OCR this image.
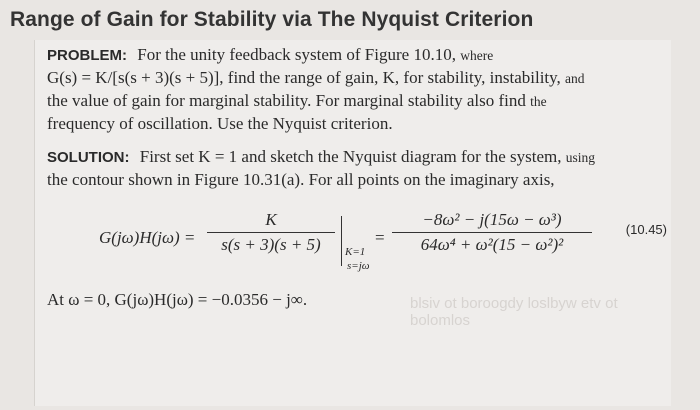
Range of Gain for Stability via The Nyquist Criterion
PROBLEM: For the unity feedback system of Figure 10.10, where
G(s) = K/[s(s + 3)(s + 5)], find the range of gain, K, for stability, instability, and
the value of gain for marginal stability. For marginal stability also find the
frequency of oscillation. Use the Nyquist criterion.
SOLUTION: First set K = 1 and sketch the Nyquist diagram for the system, using
the contour shown in Figure 10.31(a). For all points on the imaginary axis,
G(jω)H(jω) =
K
s(s + 3)(s + 5)	K=1
s=jω
=
−8ω² − j(15ω − ω³)
64ω⁴ + ω²(15 − ω²)²
(10.45)
At ω = 0, G(jω)H(jω) = −0.0356 − j∞.	blsiv ot boroogdy loslbyw etv ot bolomlos
